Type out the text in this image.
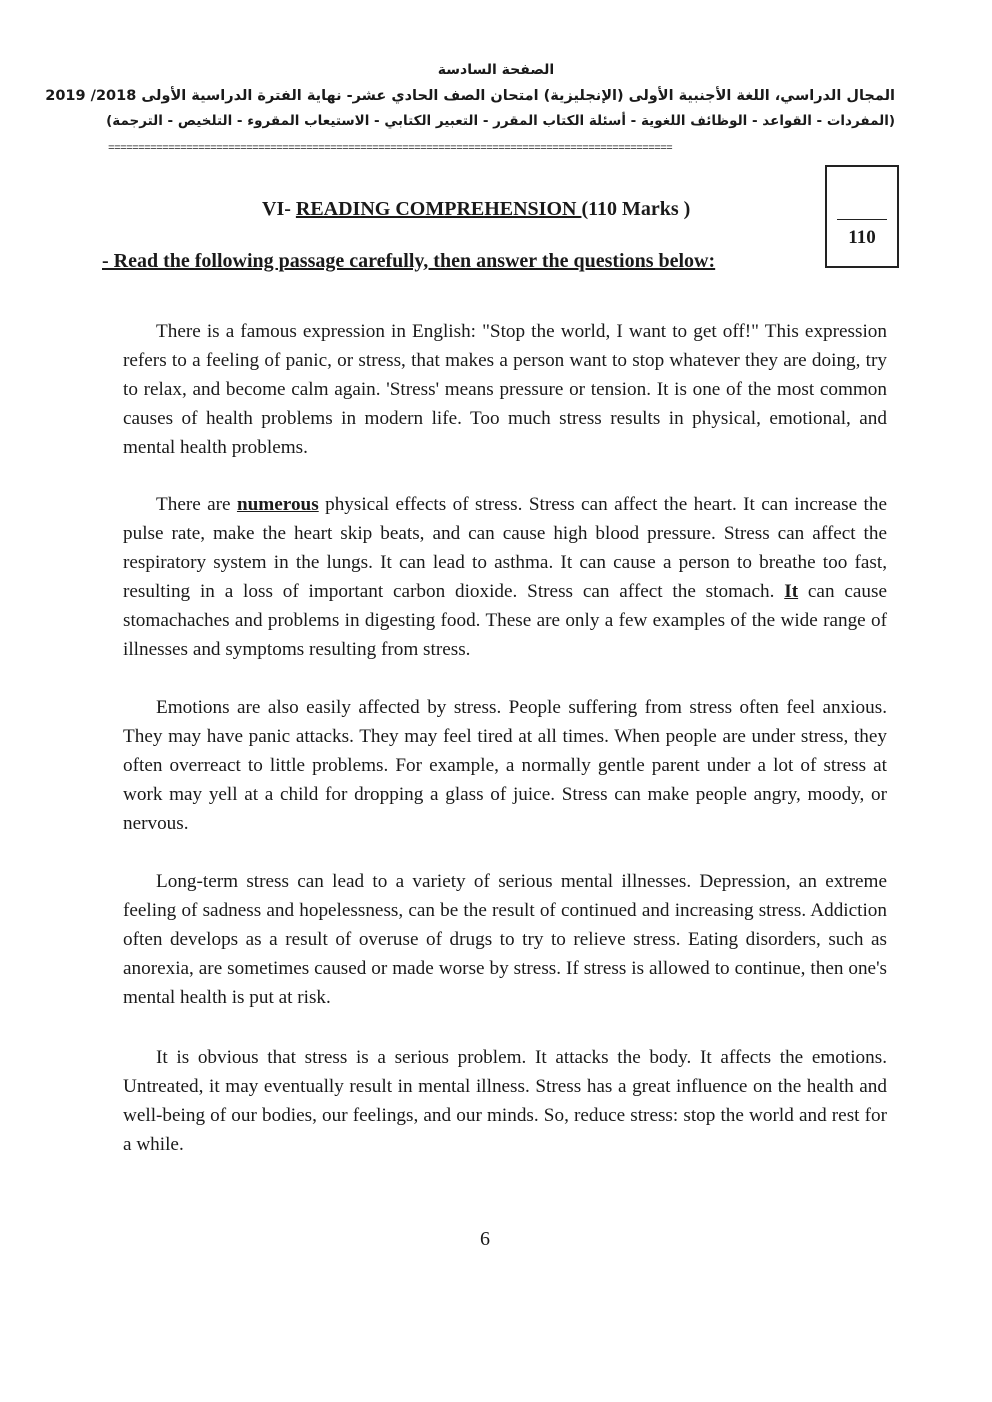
الصفحة السادسة
المجال الدراسي، اللغة الأجنبية الأولى (الإنجليزية) امتحان الصف الحادي عشر- نهاية الفترة الدراسية الأولى 2018/ 2019
(المفردات - القواعد - الوظائف اللغوية - أسئلة الكتاب المقرر - التعبير الكتابي - الاستيعاب المقروء - التلخيص - الترجمة)
==============================================================================================
110
VI- READING COMPREHENSION (110 Marks )
- Read the following passage carefully, then answer the questions below:

There is a famous expression in English: "Stop the world, I want to get off!" This expression refers to a feeling of panic, or stress, that makes a person want to stop whatever they are doing, try to relax, and become calm again. 'Stress' means pressure or tension. It is one of the most common causes of health problems in modern life. Too much stress results in physical, emotional, and mental health problems.

There are numerous physical effects of stress. Stress can affect the heart. It can increase the pulse rate, make the heart skip beats, and can cause high blood pressure. Stress can affect the respiratory system in the lungs. It can lead to asthma. It can cause a person to breathe too fast, resulting in a loss of important carbon dioxide. Stress can affect the stomach. It can cause stomachaches and problems in digesting food. These are only a few examples of the wide range of illnesses and symptoms resulting from stress.

Emotions are also easily affected by stress. People suffering from stress often feel anxious. They may have panic attacks. They may feel tired at all times. When people are under stress, they often overreact to little problems. For example, a normally gentle parent under a lot of stress at work may yell at a child for dropping a glass of juice. Stress can make people angry, moody, or nervous.

Long-term stress can lead to a variety of serious mental illnesses. Depression, an extreme feeling of sadness and hopelessness, can be the result of continued and increasing stress. Addiction often develops as a result of overuse of drugs to try to relieve stress. Eating disorders, such as anorexia, are sometimes caused or made worse by stress. If stress is allowed to continue, then one's mental health is put at risk.

It is obvious that stress is a serious problem. It attacks the body. It affects the emotions. Untreated, it may eventually result in mental illness. Stress has a great influence on the health and well-being of our bodies, our feelings, and our minds. So, reduce stress: stop the world and rest for a while.

6
